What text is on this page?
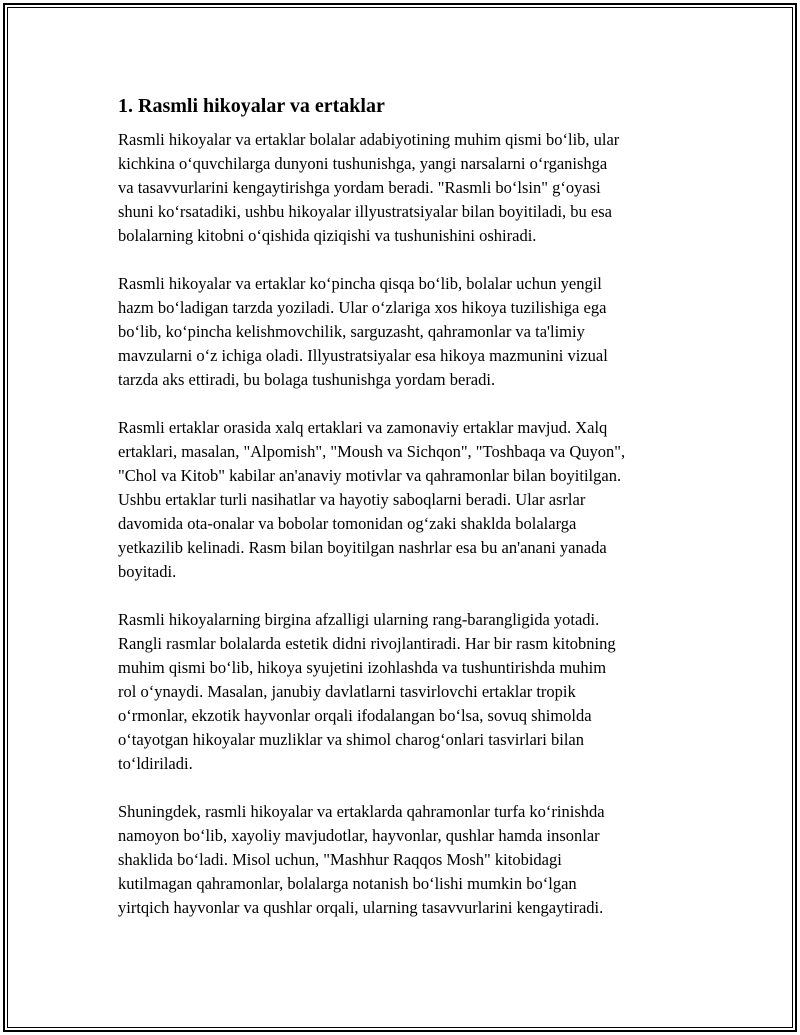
1. Rasmli hikoyalar va ertaklar

Rasmli hikoyalar va ertaklar bolalar adabiyotining muhim qismi bo‘lib, ular
kichkina o‘quvchilarga dunyoni tushunishga, yangi narsalarni o‘rganishga
va tasavvurlarini kengaytirishga yordam beradi. "Rasmli bo‘lsin" g‘oyasi
shuni ko‘rsatadiki, ushbu hikoyalar illyustratsiyalar bilan boyitiladi, bu esa
bolalarning kitobni o‘qishida qiziqishi va tushunishini oshiradi.

Rasmli hikoyalar va ertaklar ko‘pincha qisqa bo‘lib, bolalar uchun yengil
hazm bo‘ladigan tarzda yoziladi. Ular o‘zlariga xos hikoya tuzilishiga ega
bo‘lib, ko‘pincha kelishmovchilik, sarguzasht, qahramonlar va ta'limiy
mavzularni o‘z ichiga oladi. Illyustratsiyalar esa hikoya mazmunini vizual
tarzda aks ettiradi, bu bolaga tushunishga yordam beradi.

Rasmli ertaklar orasida xalq ertaklari va zamonaviy ertaklar mavjud. Xalq
ertaklari, masalan, "Alpomish", "Moush va Sichqon", "Toshbaqa va Quyon",
"Chol va Kitob" kabilar an'anaviy motivlar va qahramonlar bilan boyitilgan.
Ushbu ertaklar turli nasihatlar va hayotiy saboqlarni beradi. Ular asrlar
davomida ota-onalar va bobolar tomonidan og‘zaki shaklda bolalarga
yetkazilib kelinadi. Rasm bilan boyitilgan nashrlar esa bu an'anani yanada
boyitadi.

Rasmli hikoyalarning birgina afzalligi ularning rang-barangligida yotadi.
Rangli rasmlar bolalarda estetik didni rivojlantiradi. Har bir rasm kitobning
muhim qismi bo‘lib, hikoya syujetini izohlashda va tushuntirishda muhim
rol o‘ynaydi. Masalan, janubiy davlatlarni tasvirlovchi ertaklar tropik
o‘rmonlar, ekzotik hayvonlar orqali ifodalangan bo‘lsa, sovuq shimolda
o‘tayotgan hikoyalar muzliklar va shimol charog‘onlari tasvirlari bilan
to‘ldiriladi.

Shuningdek, rasmli hikoyalar va ertaklarda qahramonlar turfa ko‘rinishda
namoyon bo‘lib, xayoliy mavjudotlar, hayvonlar, qushlar hamda insonlar
shaklida bo‘ladi. Misol uchun, "Mashhur Raqqos Mosh" kitobidagi
kutilmagan qahramonlar, bolalarga notanish bo‘lishi mumkin bo‘lgan
yirtqich hayvonlar va qushlar orqali, ularning tasavvurlarini kengaytiradi.
